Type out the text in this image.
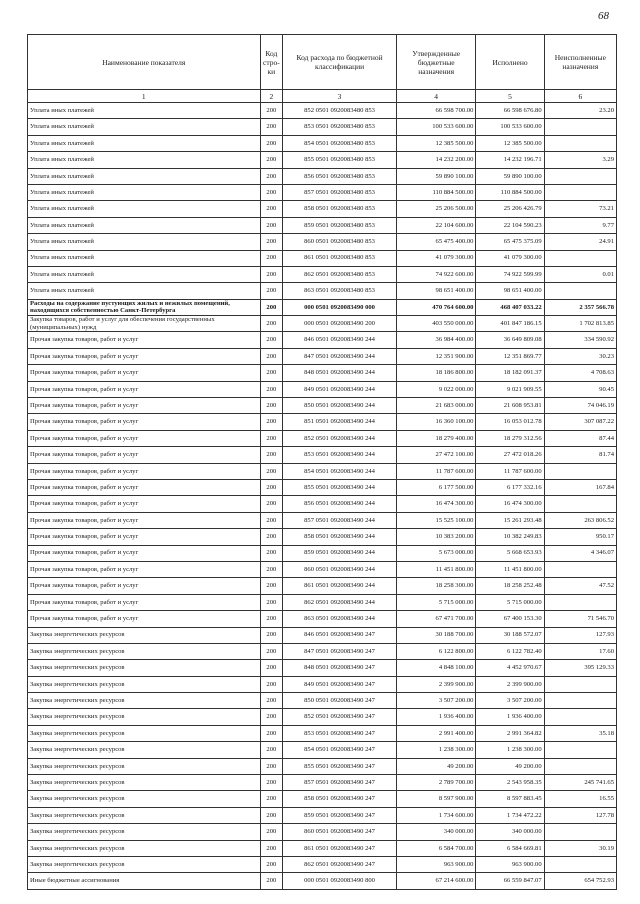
68
Наименование показателя	Код стро-ки	Код расхода по бюджетной классификации	Утвержденные бюджетные назначения	Исполнено	Неисполненные назначения
1	2	3	4	5	6
Уплата иных платежей	200	852 0501 0920083480 853	66 598 700.00	66 598 676.80	23.20
Уплата иных платежей	200	853 0501 0920083480 853	100 533 600.00	100 533 600.00	
Уплата иных платежей	200	854 0501 0920083480 853	12 385 500.00	12 385 500.00	
Уплата иных платежей	200	855 0501 0920083480 853	14 232 200.00	14 232 196.71	3.29
Уплата иных платежей	200	856 0501 0920083480 853	59 890 100.00	59 890 100.00	
Уплата иных платежей	200	857 0501 0920083480 853	110 884 500.00	110 884 500.00	
Уплата иных платежей	200	858 0501 0920083480 853	25 206 500.00	25 206 426.79	73.21
Уплата иных платежей	200	859 0501 0920083480 853	22 104 600.00	22 104 590.23	9.77
Уплата иных платежей	200	860 0501 0920083480 853	65 475 400.00	65 475 375.09	24.91
Уплата иных платежей	200	861 0501 0920083480 853	41 079 300.00	41 079 300.00	
Уплата иных платежей	200	862 0501 0920083480 853	74 922 600.00	74 922 599.99	0.01
Уплата иных платежей	200	863 0501 0920083480 853	98 651 400.00	98 651 400.00	
Расходы на содержание пустующих жилых и нежилых помещений, находящихся собственностью Санкт-Петербурга	200	000 0501 0920083490 000	470 764 600.00	468 407 033.22	2 357 566.78
Закупка товаров, работ и услуг для обеспечения государственных (муниципальных) нужд	200	000 0501 0920083490 200	403 550 000.00	401 847 186.15	1 702 813.85
Прочая закупка товаров, работ и услуг	200	846 0501 0920083490 244	36 984 400.00	36 649 809.08	334 590.92
Прочая закупка товаров, работ и услуг	200	847 0501 0920083490 244	12 351 900.00	12 351 869.77	30.23
Прочая закупка товаров, работ и услуг	200	848 0501 0920083490 244	18 186 800.00	18 182 091.37	4 708.63
Прочая закупка товаров, работ и услуг	200	849 0501 0920083490 244	9 022 000.00	9 021 909.55	90.45
Прочая закупка товаров, работ и услуг	200	850 0501 0920083490 244	21 683 000.00	21 608 953.81	74 046.19
Прочая закупка товаров, работ и услуг	200	851 0501 0920083490 244	16 360 100.00	16 053 012.78	307 087.22
Прочая закупка товаров, работ и услуг	200	852 0501 0920083490 244	18 279 400.00	18 279 312.56	87.44
Прочая закупка товаров, работ и услуг	200	853 0501 0920083490 244	27 472 100.00	27 472 018.26	81.74
Прочая закупка товаров, работ и услуг	200	854 0501 0920083490 244	11 787 600.00	11 787 600.00	
Прочая закупка товаров, работ и услуг	200	855 0501 0920083490 244	6 177 500.00	6 177 332.16	167.84
Прочая закупка товаров, работ и услуг	200	856 0501 0920083490 244	16 474 300.00	16 474 300.00	
Прочая закупка товаров, работ и услуг	200	857 0501 0920083490 244	15 525 100.00	15 261 293.48	263 806.52
Прочая закупка товаров, работ и услуг	200	858 0501 0920083490 244	10 383 200.00	10 382 249.83	950.17
Прочая закупка товаров, работ и услуг	200	859 0501 0920083490 244	5 673 000.00	5 668 653.93	4 346.07
Прочая закупка товаров, работ и услуг	200	860 0501 0920083490 244	11 451 800.00	11 451 800.00	
Прочая закупка товаров, работ и услуг	200	861 0501 0920083490 244	18 258 300.00	18 258 252.48	47.52
Прочая закупка товаров, работ и услуг	200	862 0501 0920083490 244	5 715 000.00	5 715 000.00	
Прочая закупка товаров, работ и услуг	200	863 0501 0920083490 244	67 471 700.00	67 400 153.30	71 546.70
Закупка энергетических ресурсов	200	846 0501 0920083490 247	30 188 700.00	30 188 572.07	127.93
Закупка энергетических ресурсов	200	847 0501 0920083490 247	6 122 800.00	6 122 782.40	17.60
Закупка энергетических ресурсов	200	848 0501 0920083490 247	4 848 100.00	4 452 970.67	395 129.33
Закупка энергетических ресурсов	200	849 0501 0920083490 247	2 399 900.00	2 399 900.00	
Закупка энергетических ресурсов	200	850 0501 0920083490 247	3 507 200.00	3 507 200.00	
Закупка энергетических ресурсов	200	852 0501 0920083490 247	1 936 400.00	1 936 400.00	
Закупка энергетических ресурсов	200	853 0501 0920083490 247	2 991 400.00	2 991 364.82	35.18
Закупка энергетических ресурсов	200	854 0501 0920083490 247	1 238 300.00	1 238 300.00	
Закупка энергетических ресурсов	200	855 0501 0920083490 247	49 200.00	49 200.00	
Закупка энергетических ресурсов	200	857 0501 0920083490 247	2 789 700.00	2 543 958.35	245 741.65
Закупка энергетических ресурсов	200	858 0501 0920083490 247	8 597 900.00	8 597 883.45	16.55
Закупка энергетических ресурсов	200	859 0501 0920083490 247	1 734 600.00	1 734 472.22	127.78
Закупка энергетических ресурсов	200	860 0501 0920083490 247	340 000.00	340 000.00	
Закупка энергетических ресурсов	200	861 0501 0920083490 247	6 584 700.00	6 584 669.81	30.19
Закупка энергетических ресурсов	200	862 0501 0920083490 247	963 900.00	963 900.00	
Иные бюджетные ассигнования	200	000 0501 0920083490 800	67 214 600.00	66 559 847.07	654 752.93
